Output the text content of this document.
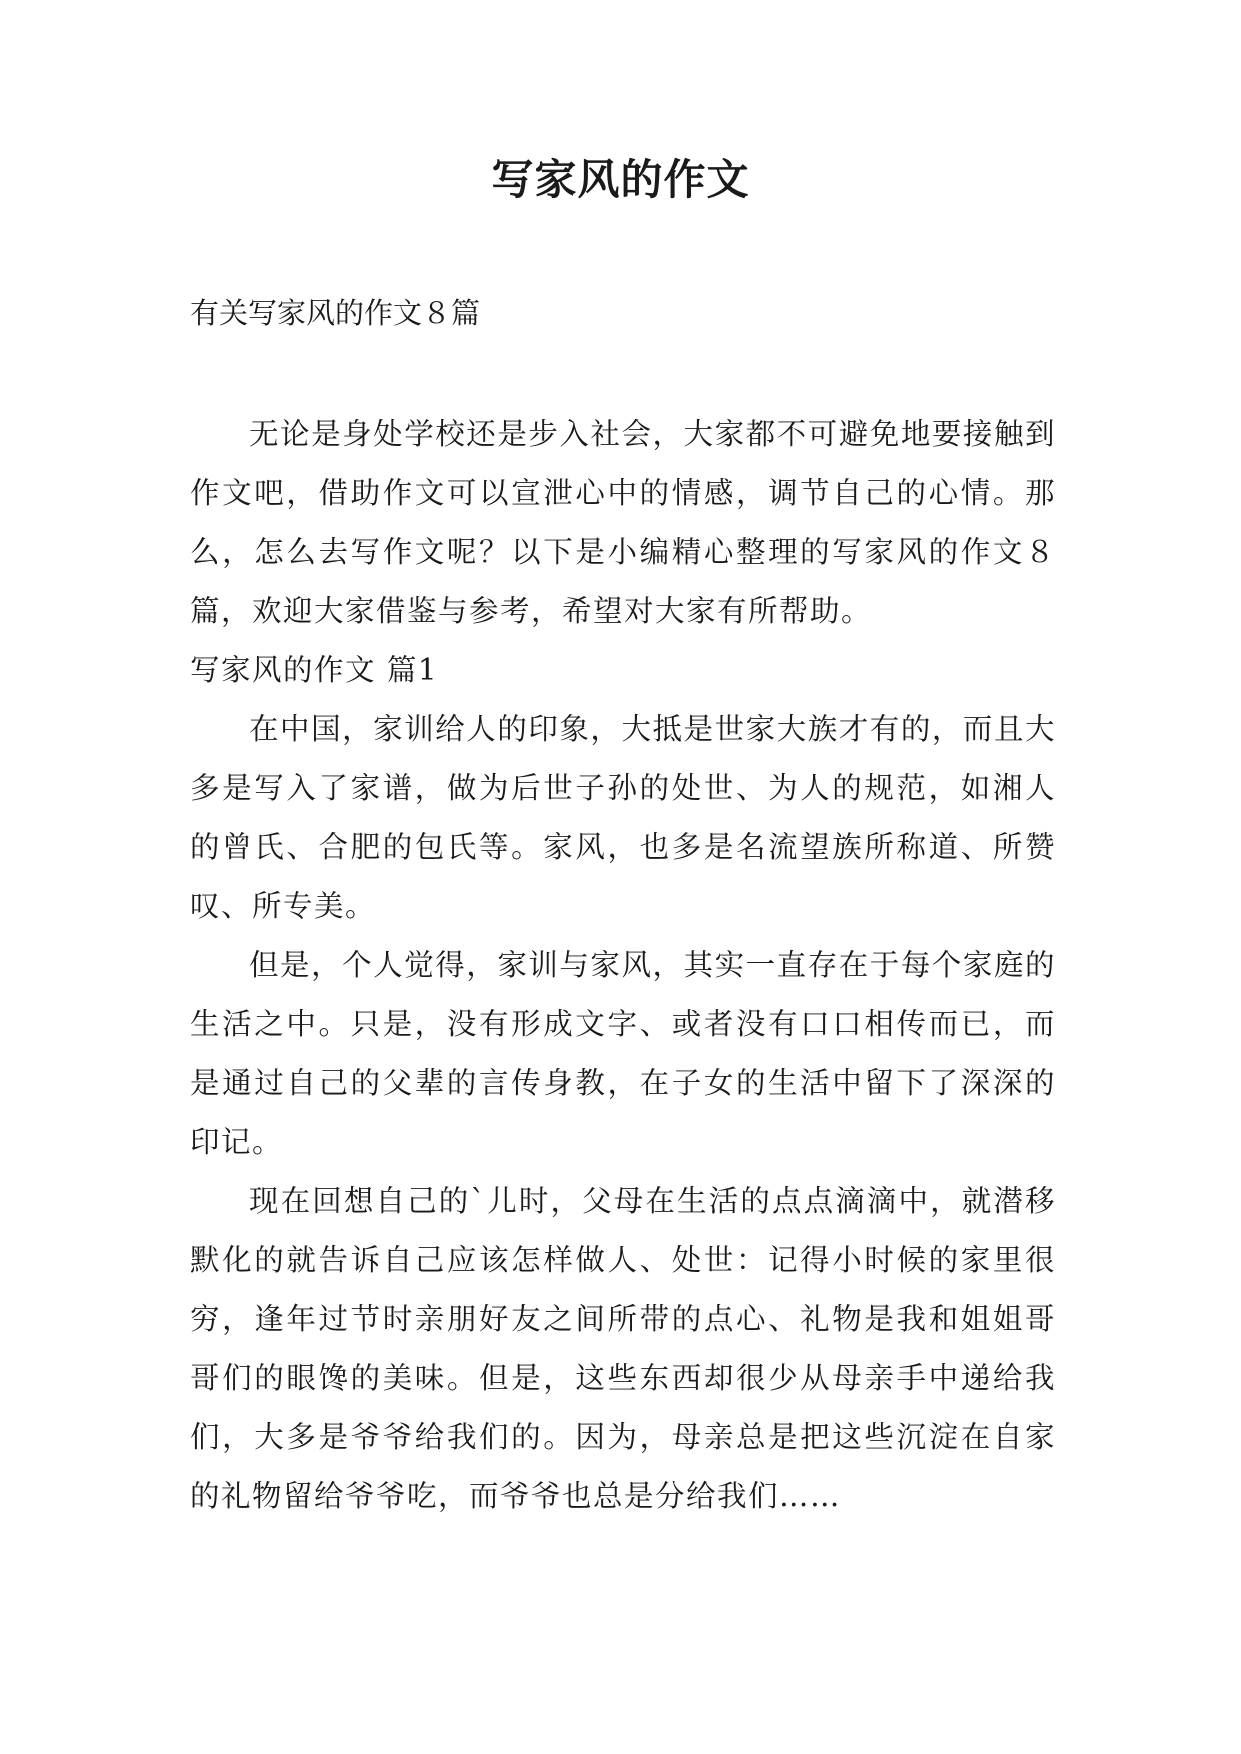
写家风的作文

有关写家风的作文８篇

无论是身处学校还是步入社会，大家都不可避免地要接触到作文吧，借助作文可以宣泄心中的情感，调节自己的心情。那么，怎么去写作文呢？以下是小编精心整理的写家风的作文８篇，欢迎大家借鉴与参考，希望对大家有所帮助。

写家风的作文 篇1

在中国，家训给人的印象，大抵是世家大族才有的，而且大多是写入了家谱，做为后世子孙的处世、为人的规范，如湘人的曾氏、合肥的包氏等。家风，也多是名流望族所称道、所赞叹、所专美。

但是，个人觉得，家训与家风，其实一直存在于每个家庭的生活之中。只是，没有形成文字、或者没有口口相传而已，而是通过自己的父辈的言传身教，在子女的生活中留下了深深的印记。

现在回想自己的`儿时，父母在生活的点点滴滴中，就潜移默化的就告诉自己应该怎样做人、处世：记得小时候的家里很穷，逢年过节时亲朋好友之间所带的点心、礼物是我和姐姐哥哥们的眼馋的美味。但是，这些东西却很少从母亲手中递给我们，大多是爷爷给我们的。因为，母亲总是把这些沉淀在自家的礼物留给爷爷吃，而爷爷也总是分给我们……
